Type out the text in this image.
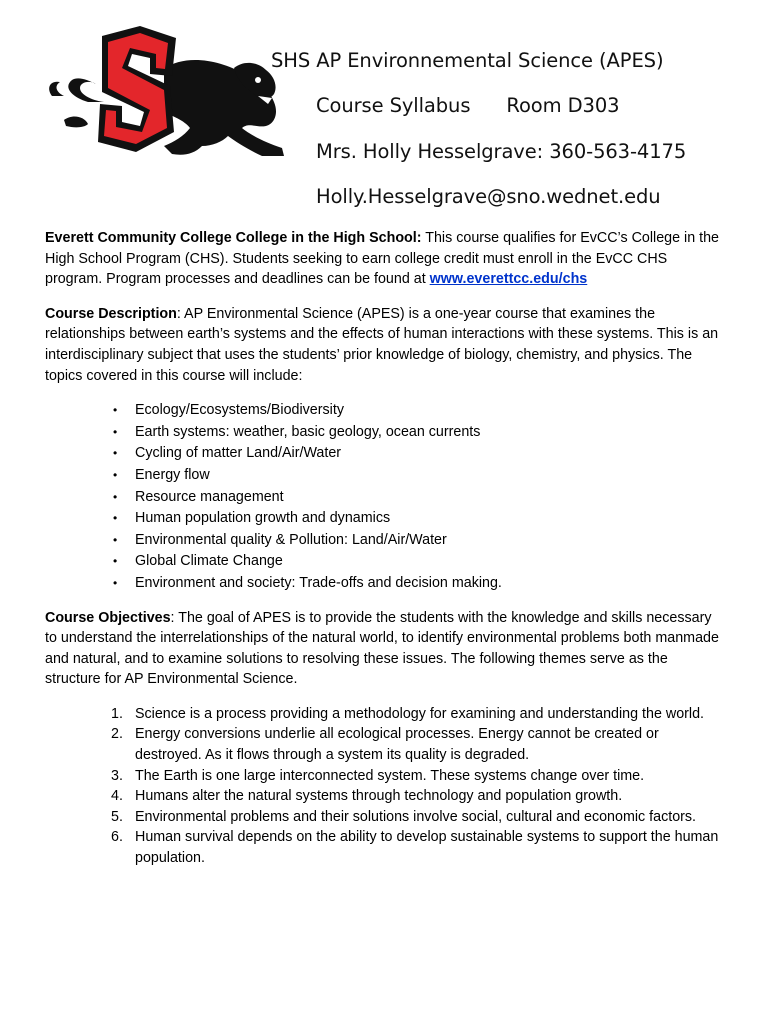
SHS AP Environnemental Science (APES)
Course Syllabus Room D303
Mrs. Holly Hesselgrave: 360-563-4175
Holly.Hesselgrave@sno.wednet.edu

Everett Community College College in the High School: This course qualifies for EvCC’s College in the High School Program (CHS). Students seeking to earn college credit must enroll in the EvCC CHS program. Program processes and deadlines can be found at www.everettcc.edu/chs

Course Description: AP Environmental Science (APES) is a one-year course that examines the relationships between earth’s systems and the effects of human interactions with these systems. This is an interdisciplinary subject that uses the students’ prior knowledge of biology, chemistry, and physics. The topics covered in this course will include:

• Ecology/Ecosystems/Biodiversity
• Earth systems: weather, basic geology, ocean currents
• Cycling of matter Land/Air/Water
• Energy flow
• Resource management
• Human population growth and dynamics
• Environmental quality & Pollution: Land/Air/Water
• Global Climate Change
• Environment and society: Trade-offs and decision making.

Course Objectives: The goal of APES is to provide the students with the knowledge and skills necessary to understand the interrelationships of the natural world, to identify environmental problems both manmade and natural, and to examine solutions to resolving these issues. The following themes serve as the structure for AP Environmental Science.

1. Science is a process providing a methodology for examining and understanding the world.
2. Energy conversions underlie all ecological processes. Energy cannot be created or destroyed. As it flows through a system its quality is degraded.
3. The Earth is one large interconnected system. These systems change over time.
4. Humans alter the natural systems through technology and population growth.
5. Environmental problems and their solutions involve social, cultural and economic factors.
6. Human survival depends on the ability to develop sustainable systems to support the human population.
